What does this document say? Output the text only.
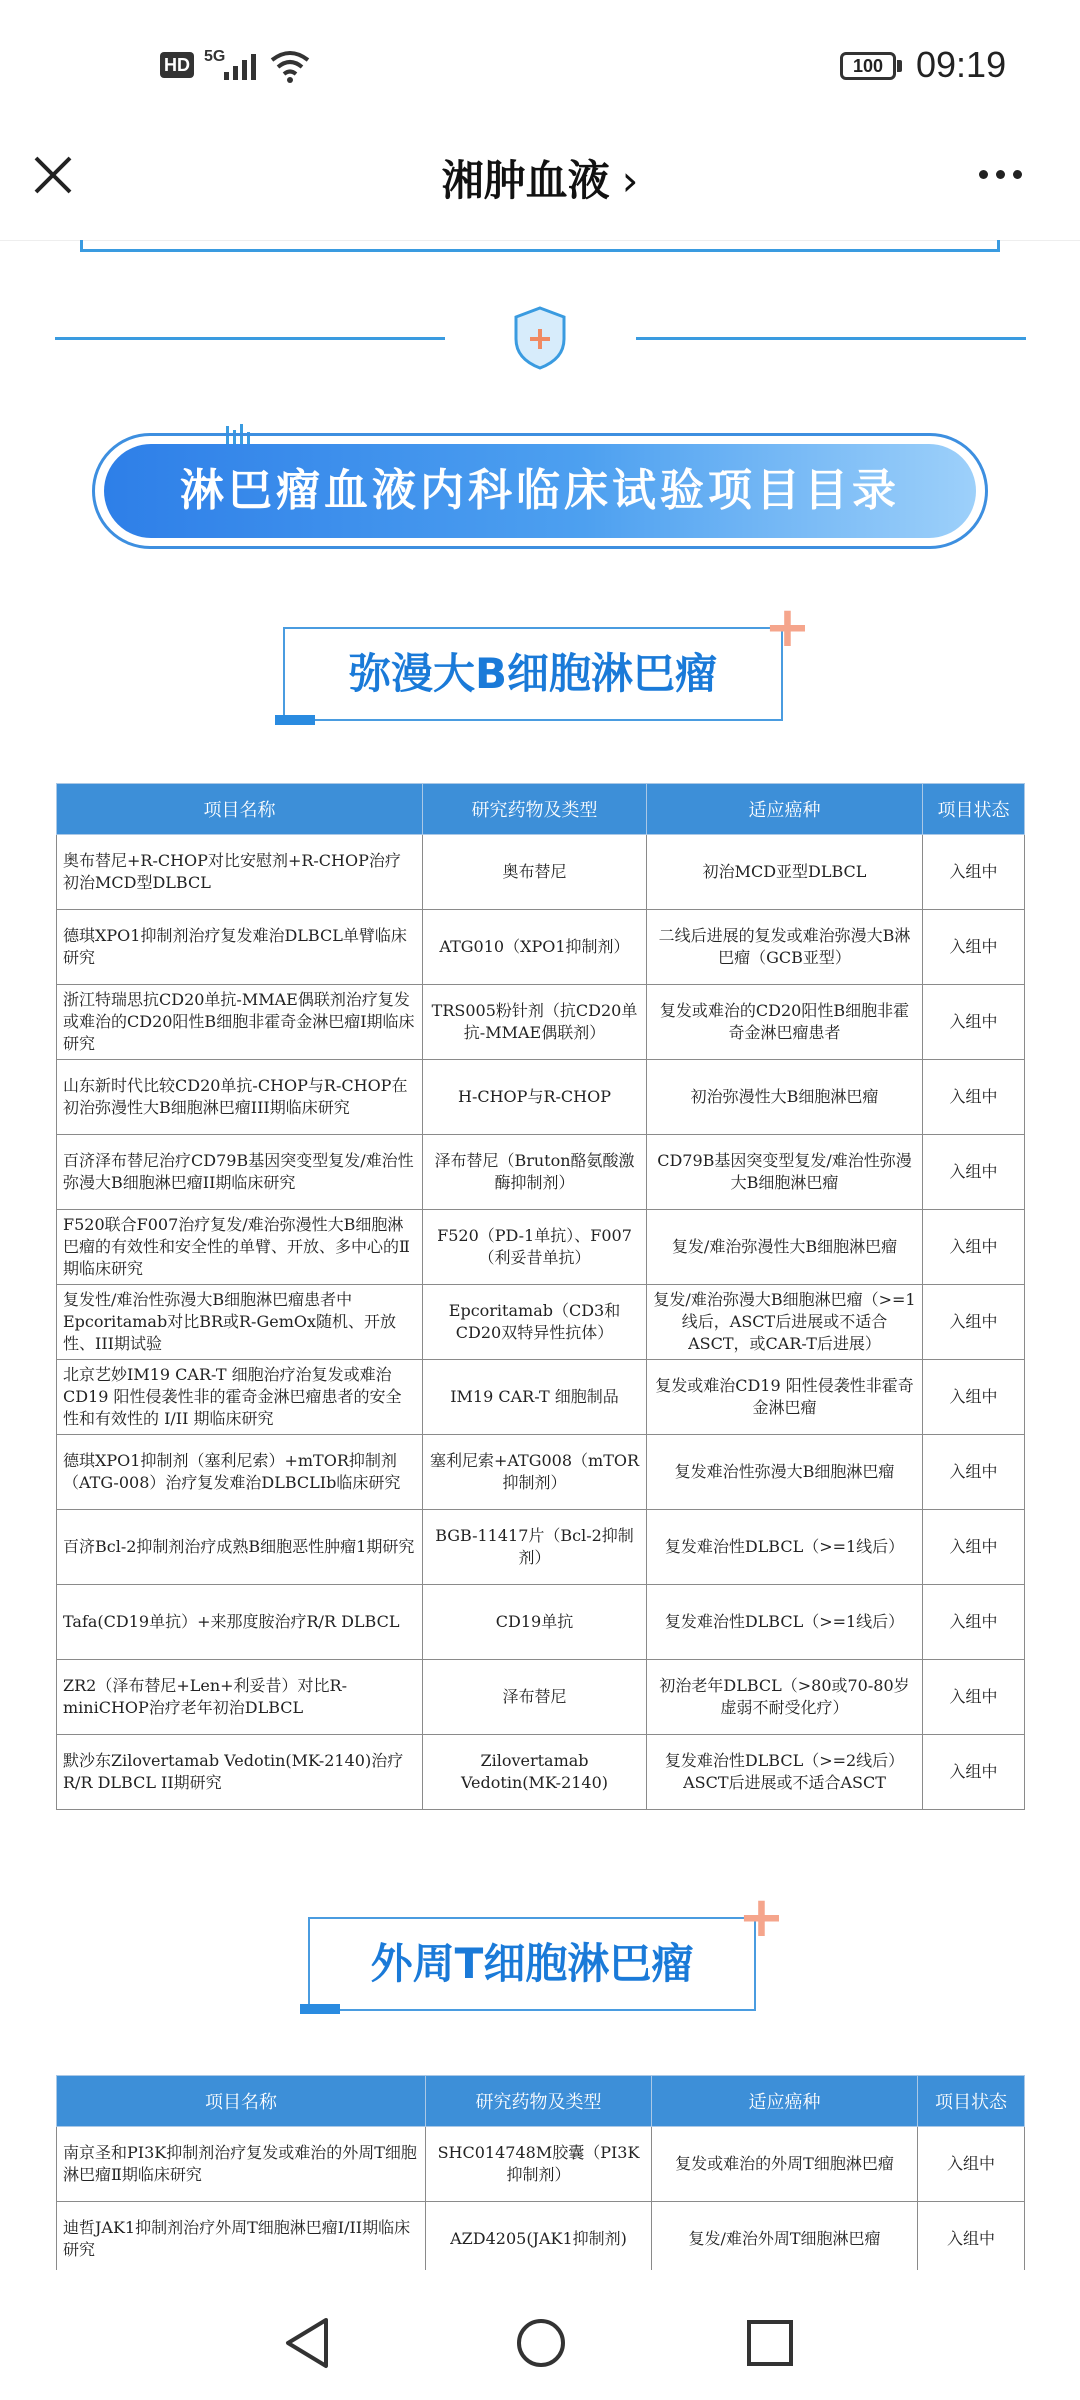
HD 5G	100 09:19
湘肿血液 ›
淋巴瘤血液内科临床试验项目目录
弥漫大B细胞淋巴瘤
+
项目名称	研究药物及类型	适应癌种	项目状态
奥布替尼+R-CHOP对比安慰剂+R-CHOP治疗初治MCD型DLBCL	奥布替尼	初治MCD亚型DLBCL	入组中
德琪XPO1抑制剂治疗复发难治DLBCL单臂临床研究	ATG010（XPO1抑制剂）	二线后进展的复发或难治弥漫大B淋巴瘤（GCB亚型）	入组中
浙江特瑞思抗CD20单抗-MMAE偶联剂治疗复发或难治的CD20阳性B细胞非霍奇金淋巴瘤Ⅰ期临床研究	TRS005粉针剂（抗CD20单抗-MMAE偶联剂）	复发或难治的CD20阳性B细胞非霍奇金淋巴瘤患者	入组中
山东新时代比较CD20单抗-CHOP与R-CHOP在初治弥漫性大B细胞淋巴瘤III期临床研究	H-CHOP与R-CHOP	初治弥漫性大B细胞淋巴瘤	入组中
百济泽布替尼治疗CD79B基因突变型复发/难治性弥漫大B细胞淋巴瘤II期临床研究	泽布替尼（Bruton酪氨酸激酶抑制剂）	CD79B基因突变型复发/难治性弥漫大B细胞淋巴瘤	入组中
F520联合F007治疗复发/难治弥漫性大B细胞淋巴瘤的有效性和安全性的单臂、开放、多中心的Ⅱ期临床研究	F520（PD-1单抗）、F007（利妥昔单抗）	复发/难治弥漫性大B细胞淋巴瘤	入组中
复发性/难治性弥漫大B细胞淋巴瘤患者中Epcoritamab对比BR或R-GemOx随机、开放性、III期试验	Epcoritamab（CD3和CD20双特异性抗体）	复发/难治弥漫大B细胞淋巴瘤（>=1线后，ASCT后进展或不适合ASCT，或CAR-T后进展）	入组中
北京艺妙IM19 CAR-T 细胞治疗治复发或难治CD19 阳性侵袭性非的霍奇金淋巴瘤患者的安全性和有效性的 I/II 期临床研究	IM19 CAR-T 细胞制品	复发或难治CD19 阳性侵袭性非霍奇金淋巴瘤	入组中
德琪XPO1抑制剂（塞利尼索）+mTOR抑制剂（ATG-008）治疗复发难治DLBCLIb临床研究	塞利尼索+ATG008（mTOR抑制剂）	复发难治性弥漫大B细胞淋巴瘤	入组中
百济Bcl-2抑制剂治疗成熟B细胞恶性肿瘤1期研究	BGB-11417片（Bcl-2抑制剂）	复发难治性DLBCL（>=1线后）	入组中
Tafa(CD19单抗）+来那度胺治疗R/R DLBCL	CD19单抗	复发难治性DLBCL（>=1线后）	入组中
ZR2（泽布替尼+Len+利妥昔）对比R-miniCHOP治疗老年初治DLBCL	泽布替尼	初治老年DLBCL（>80或70-80岁虚弱不耐受化疗）	入组中
默沙东Zilovertamab Vedotin(MK-2140)治疗R/R DLBCL II期研究	Zilovertamab Vedotin(MK-2140)	复发难治性DLBCL（>=2线后）ASCT后进展或不适合ASCT	入组中
外周T细胞淋巴瘤
+
项目名称	研究药物及类型	适应癌种	项目状态
南京圣和PI3K抑制剂治疗复发或难治的外周T细胞淋巴瘤Ⅱ期临床研究	SHC014748M胶囊（PI3K抑制剂）	复发或难治的外周T细胞淋巴瘤	入组中
迪哲JAK1抑制剂治疗外周T细胞淋巴瘤I/II期临床研究	AZD4205(JAK1抑制剂)	复发/难治外周T细胞淋巴瘤	入组中
